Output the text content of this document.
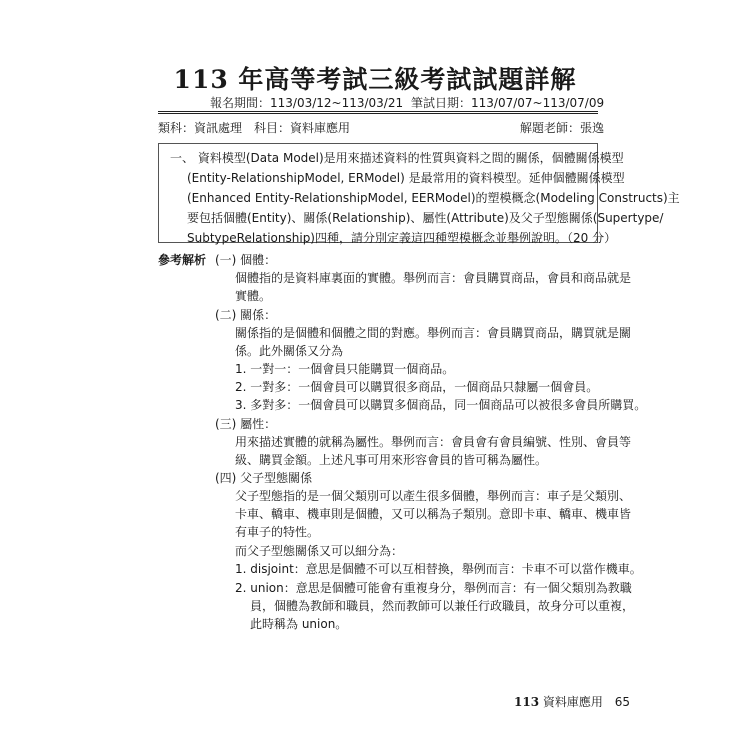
113 年高等考試三級考試試題詳解
報名期間：113/03/12~113/03/21 筆試日期：113/07/07~113/07/09
類科：資訊處理　科目：資料庫應用	解題老師：張逸
一、 資料模型(Data Model)是用來描述資料的性質與資料之間的關係，個體關係模型
(Entity-RelationshipModel, ERModel) 是最常用的資料模型。延伸個體關係模型
(Enhanced Entity-RelationshipModel, EERModel)的塑模概念(Modeling Constructs)主
要包括個體(Entity)、關係(Relationship)、屬性(Attribute)及父子型態關係(Supertype/
SubtypeRelationship)四種，請分別定義這四種塑模概念並舉例說明。（20 分）
參考解析 (一) 個體：
個體指的是資料庫裏面的實體。舉例而言：會員購買商品，會員和商品就是
實體。
(二) 關係：
關係指的是個體和個體之間的對應。舉例而言：會員購買商品，購買就是關
係。此外關係又分為
1. 一對一：一個會員只能購買一個商品。
2. 一對多：一個會員可以購買很多商品，一個商品只隸屬一個會員。
3. 多對多：一個會員可以購買多個商品，同一個商品可以被很多會員所購買。
(三) 屬性：
用來描述實體的就稱為屬性。舉例而言：會員會有會員編號、性別、會員等
級、購買金額。上述凡事可用來形容會員的皆可稱為屬性。
(四) 父子型態關係
父子型態指的是一個父類別可以產生很多個體，舉例而言：車子是父類別、
卡車、轎車、機車則是個體，又可以稱為子類別。意即卡車、轎車、機車皆
有車子的特性。
而父子型態關係又可以細分為：
1. disjoint：意思是個體不可以互相替換，舉例而言：卡車不可以當作機車。
2. union：意思是個體可能會有重複身分，舉例而言：有一個父類別為教職
員，個體為教師和職員，然而教師可以兼任行政職員，故身分可以重複，
此時稱為 union。
113 資料庫應用 65
